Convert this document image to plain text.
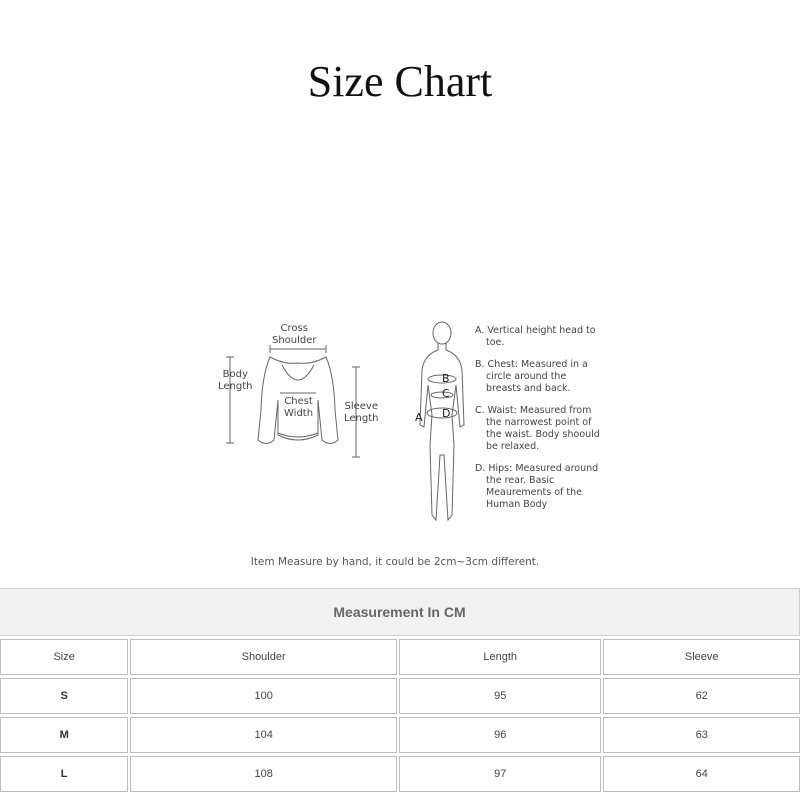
Size Chart
Cross
Shoulder
Body
Length
Chest
Width
Sleeve
Length	A
B
C
D
A. Vertical height head to toe.
B. Chest: Measured in a circle around the breasts and back.
C. Waist: Measured from the narrowest point of the waist. Body shoould be relaxed.
D. Hips: Measured around the rear. Basic Meaurements of the Human Body
Item Measure by hand, it could be 2cm~3cm different.
Measurement In CM
Size	Shoulder	Length	Sleeve
S	100	95	62
M	104	96	63
L	108	97	64
